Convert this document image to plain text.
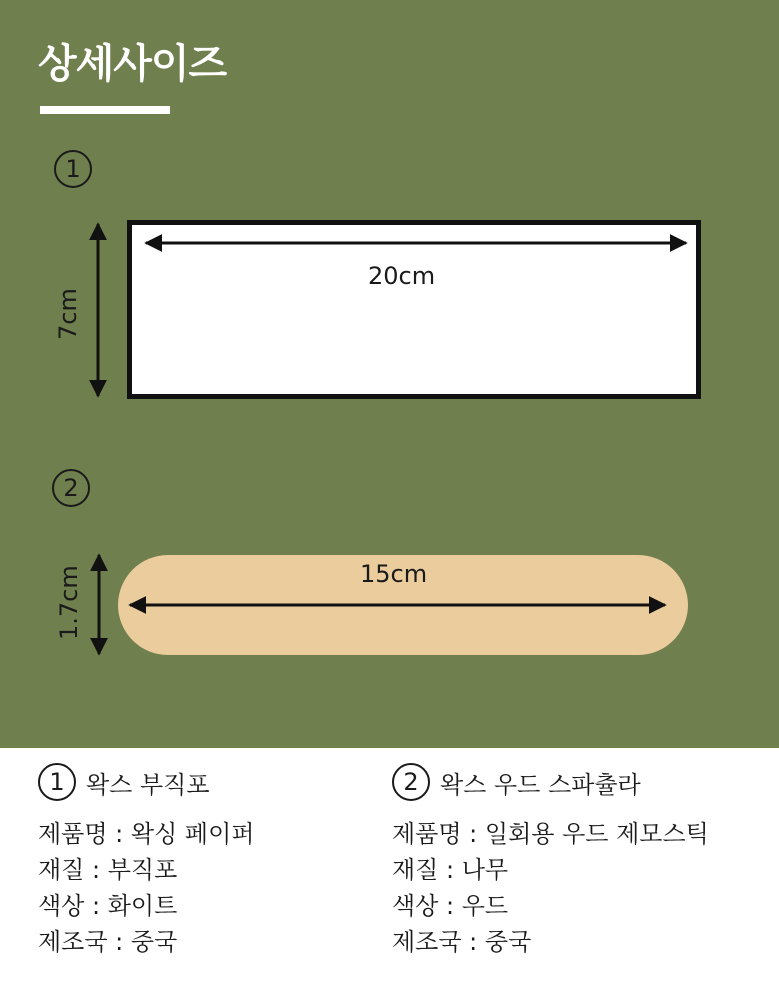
상세사이즈
1
2
20cm
7cm
15cm
1.7cm
1 왁스 부직포
제품명 : 왁싱 페이퍼
재질 : 부직포
색상 : 화이트
제조국 : 중국
2 왁스 우드 스파츌라
제품명 : 일회용 우드 제모스틱
재질 : 나무
색상 : 우드
제조국 : 중국
